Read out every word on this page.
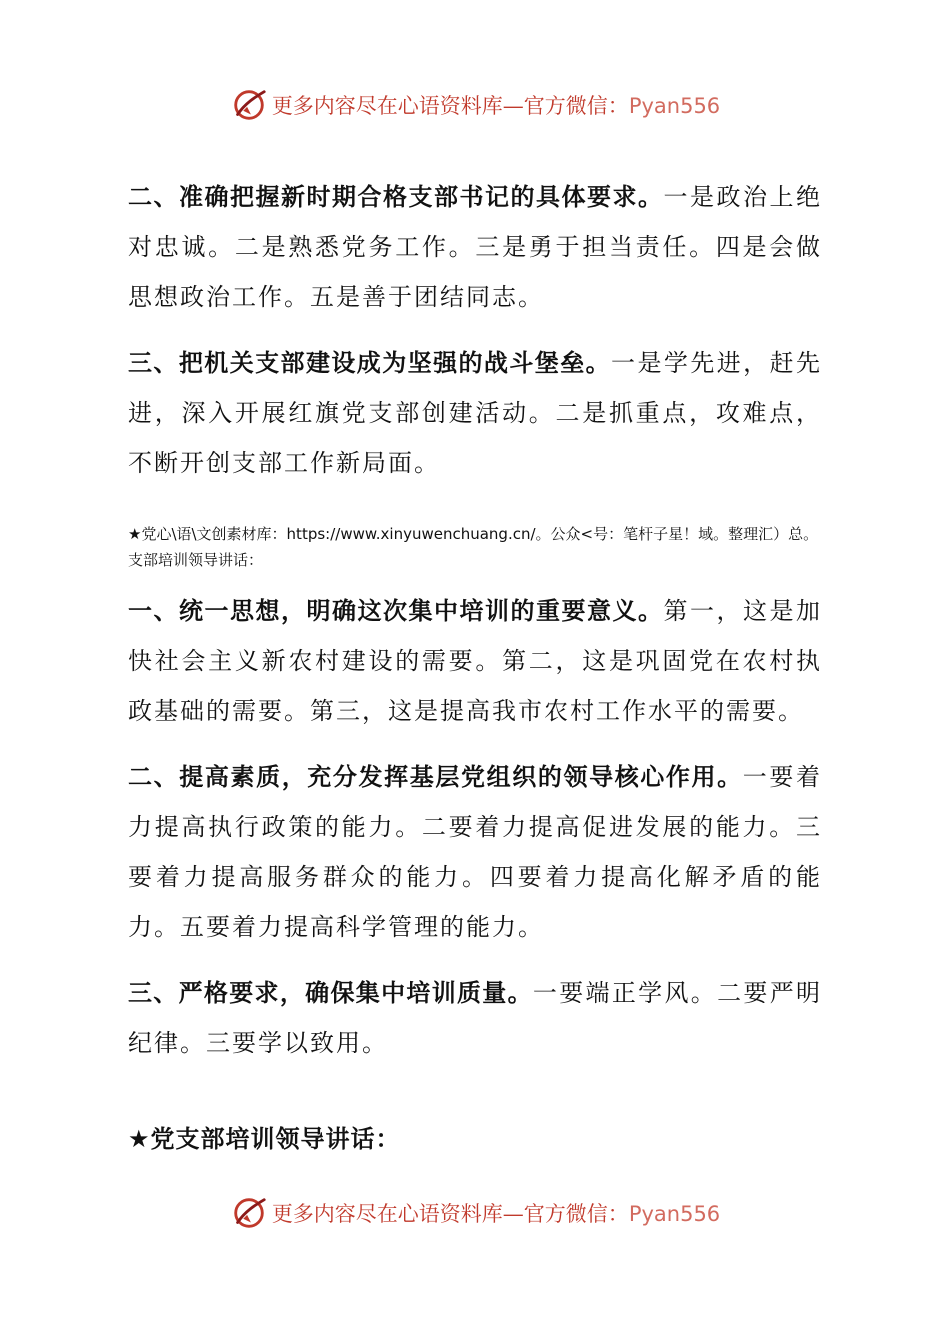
更多内容尽在心语资料库—官方微信：Pyan556

二、准确把握新时期合格支部书记的具体要求。一是政治上绝对忠诚。二是熟悉党务工作。三是勇于担当责任。四是会做思想政治工作。五是善于团结同志。

三、把机关支部建设成为坚强的战斗堡垒。一是学先进，赶先进，深入开展红旗党支部创建活动。二是抓重点，攻难点，不断开创支部工作新局面。

★党心\语\文创素材库：https://www.xinyuwenchuang.cn/。公众<号：笔杆子星！域。整理汇）总。支部培训领导讲话：

一、统一思想，明确这次集中培训的重要意义。第一，这是加快社会主义新农村建设的需要。第二，这是巩固党在农村执政基础的需要。第三，这是提高我市农村工作水平的需要。

二、提高素质，充分发挥基层党组织的领导核心作用。一要着力提高执行政策的能力。二要着力提高促进发展的能力。三要着力提高服务群众的能力。四要着力提高化解矛盾的能力。五要着力提高科学管理的能力。

三、严格要求，确保集中培训质量。一要端正学风。二要严明纪律。三要学以致用。

★党支部培训领导讲话：

更多内容尽在心语资料库—官方微信：Pyan556
